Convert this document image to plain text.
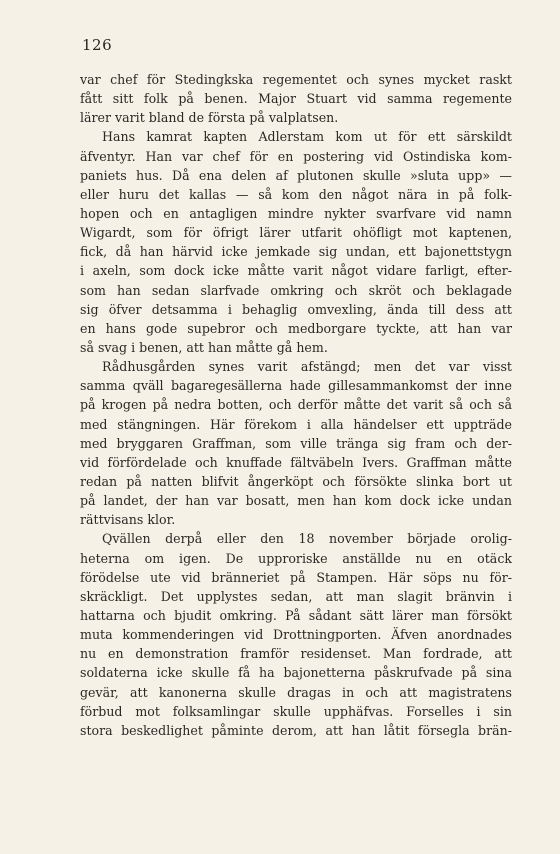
126
var chef för Stedingkska regementet och synes mycket raskt
fått sitt folk på benen. Major Stuart vid samma regemente
lärer varit bland de första på valplatsen.
Hans kamrat kapten Adlerstam kom ut för ett särskildt
äfventyr. Han var chef för en postering vid Ostindiska kom-
paniets hus. Då ena delen af plutonen skulle »sluta upp» —
eller huru det kallas — så kom den något nära in på folk-
hopen och en antagligen mindre nykter svarfvare vid namn
Wigardt, som för öfrigt lärer utfarit ohöfligt mot kaptenen,
fick, då han härvid icke jemkade sig undan, ett bajonettstygn
i axeln, som dock icke måtte varit något vidare farligt, efter-
som han sedan slarfvade omkring och skröt och beklagade
sig öfver detsamma i behaglig omvexling, ända till dess att
en hans gode supebror och medborgare tyckte, att han var
så svag i benen, att han måtte gå hem.
Rådhusgården synes varit afstängd; men det var visst
samma qväll bagaregesällerna hade gillesammankomst der inne
på krogen på nedra botten, och derför måtte det varit så och så
med stängningen. Här förekom i alla händelser ett uppträde
med bryggaren Graffman, som ville tränga sig fram och der-
vid förfördelade och knuffade fältväbeln Ivers. Graffman måtte
redan på natten blifvit ångerköpt och försökte slinka bort ut
på landet, der han var bosatt, men han kom dock icke undan
rättvisans klor.
Qvällen derpå eller den 18 november började orolig-
heterna om igen. De upproriske anställde nu en otäck
förödelse ute vid bränneriet på Stampen. Här söps nu för-
skräckligt. Det upplystes sedan, att man slagit bränvin i
hattarna och bjudit omkring. På sådant sätt lärer man försökt
muta kommenderingen vid Drottningporten. Äfven anordnades
nu en demonstration framför residenset. Man fordrade, att
soldaterna icke skulle få ha bajonetterna påskrufvade på sina
gevär, att kanonerna skulle dragas in och att magistratens
förbud mot folksamlingar skulle upphäfvas. Forselles i sin
stora beskedlighet påminte derom, att han låtit försegla brän-
